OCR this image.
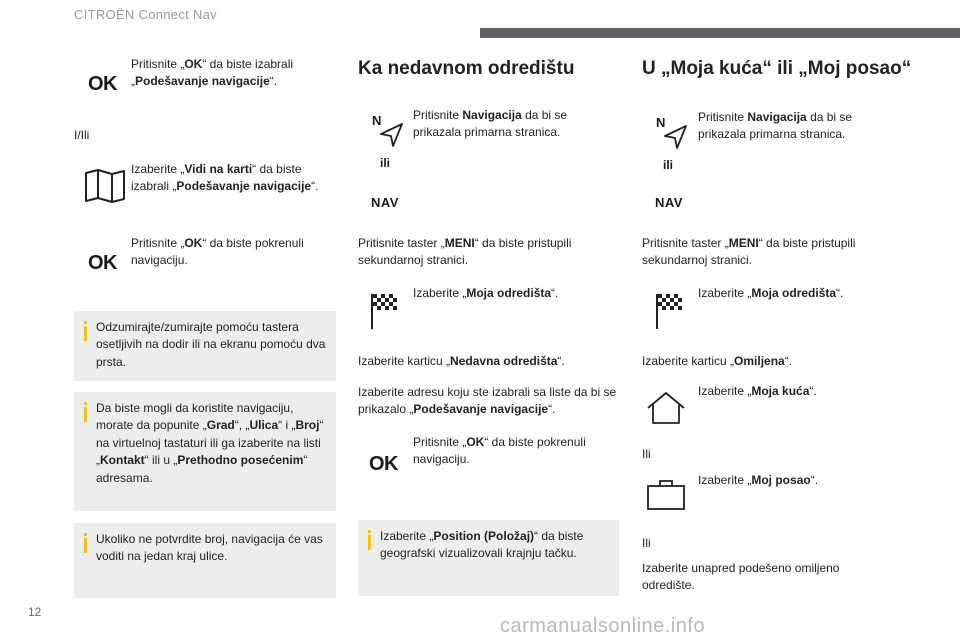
CITROËN Connect Nav
OK
Pritisnite „OK“ da biste izabrali „Podešavanje navigacije“.
I/Ili
Izaberite „Vidi na karti“ da biste izabrali „Podešavanje navigacije“.
OK
Pritisnite „OK“ da biste pokrenuli navigaciju.
Odzumirajte/zumirajte pomoću tastera osetljivih na dodir ili na ekranu pomoću dva prsta.
Da biste mogli da koristite navigaciju, morate da popunite „Grad“, „Ulica“ i „Broj“ na virtuelnoj tastaturi ili ga izaberite na listi „Kontakt“ ili u „Prethodno posećenim“ adresama.
Ukoliko ne potvrdite broj, navigacija će vas voditi na jedan kraj ulice.
Ka nedavnom odredištu
N
ili
NAV
Pritisnite Navigacija da bi se prikazala primarna stranica.
Pritisnite taster „MENI“ da biste pristupili sekundarnoj stranici.
Izaberite „Moja odredišta“.
Izaberite karticu „Nedavna odredišta“.
Izaberite adresu koju ste izabrali sa liste da bi se prikazalo „Podešavanje navigacije“.
OK
Pritisnite „OK“ da biste pokrenuli navigaciju.
Izaberite „Position (Položaj)“ da biste geografski vizualizovali krajnju tačku.
U „Moja kuća“ ili „Moj posao“
N
ili
NAV
Pritisnite Navigacija da bi se prikazala primarna stranica.
Pritisnite taster „MENI“ da biste pristupili sekundarnoj stranici.
Izaberite „Moja odredišta“.
Izaberite karticu „Omiljena“.
Izaberite „Moja kuća“.
Ili
Izaberite „Moj posao“.
Ili
Izaberite unapred podešeno omiljeno odredište.
12
carmanualsonline.info
